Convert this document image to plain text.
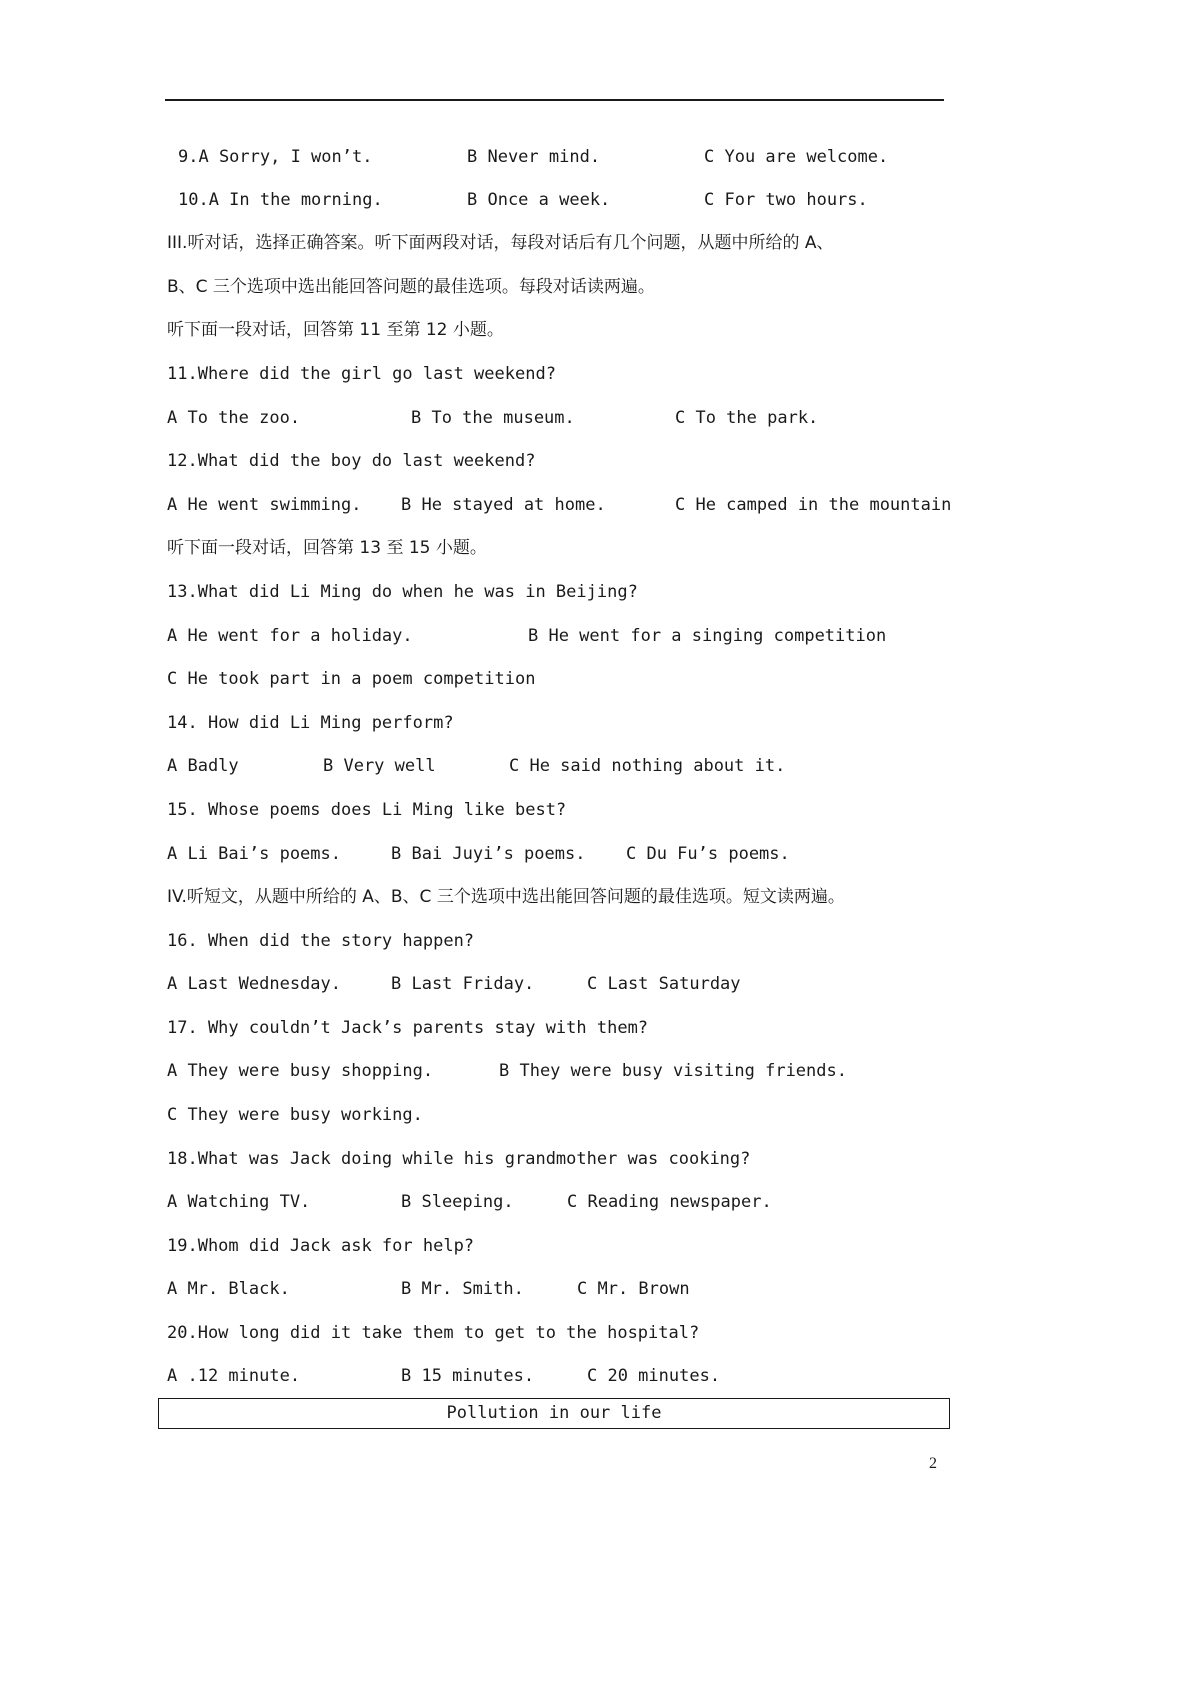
9.A Sorry, I won’t.	B Never mind.	C You are welcome.
10.A In the morning.	B Once a week.	C For two hours.
III.听对话，选择正确答案。听下面两段对话，每段对话后有几个问题，从题中所给的 A、
B、C 三个选项中选出能回答问题的最佳选项。每段对话读两遍。
听下面一段对话，回答第 11 至第 12 小题。
11.Where did the girl go last weekend?
A To the zoo.	B To the museum.	C To the park.
12.What did the boy do last weekend?
A He went swimming. B He stayed at home.	C He camped in the mountain
听下面一段对话，回答第 13 至 15 小题。
13.What did Li Ming do when he was in Beijing?
A He went for a holiday.	B He went for a singing competition
C He took part in a poem competition
14. How did Li Ming perform?
A Badly	B Very well	C He said nothing about it.
15. Whose poems does Li Ming like best?
A Li Bai’s poems.	B Bai Juyi’s poems. C Du Fu’s poems.
IV.听短文，从题中所给的 A、B、C 三个选项中选出能回答问题的最佳选项。短文读两遍。
16. When did the story happen?
A Last Wednesday.	B Last Friday.	C Last Saturday
17. Why couldn’t Jack’s parents stay with them?
A They were busy shopping.	B They were busy visiting friends.
C They were busy working.
18.What was Jack doing while his grandmother was cooking?
A Watching TV.	B Sleeping.	C Reading newspaper.
19.Whom did Jack ask for help?
A Mr. Black.	B Mr. Smith.	C Mr. Brown
20.How long did it take them to get to the hospital?
A .12 minute.	B 15 minutes.	C 20 minutes.
Pollution in our life
2
